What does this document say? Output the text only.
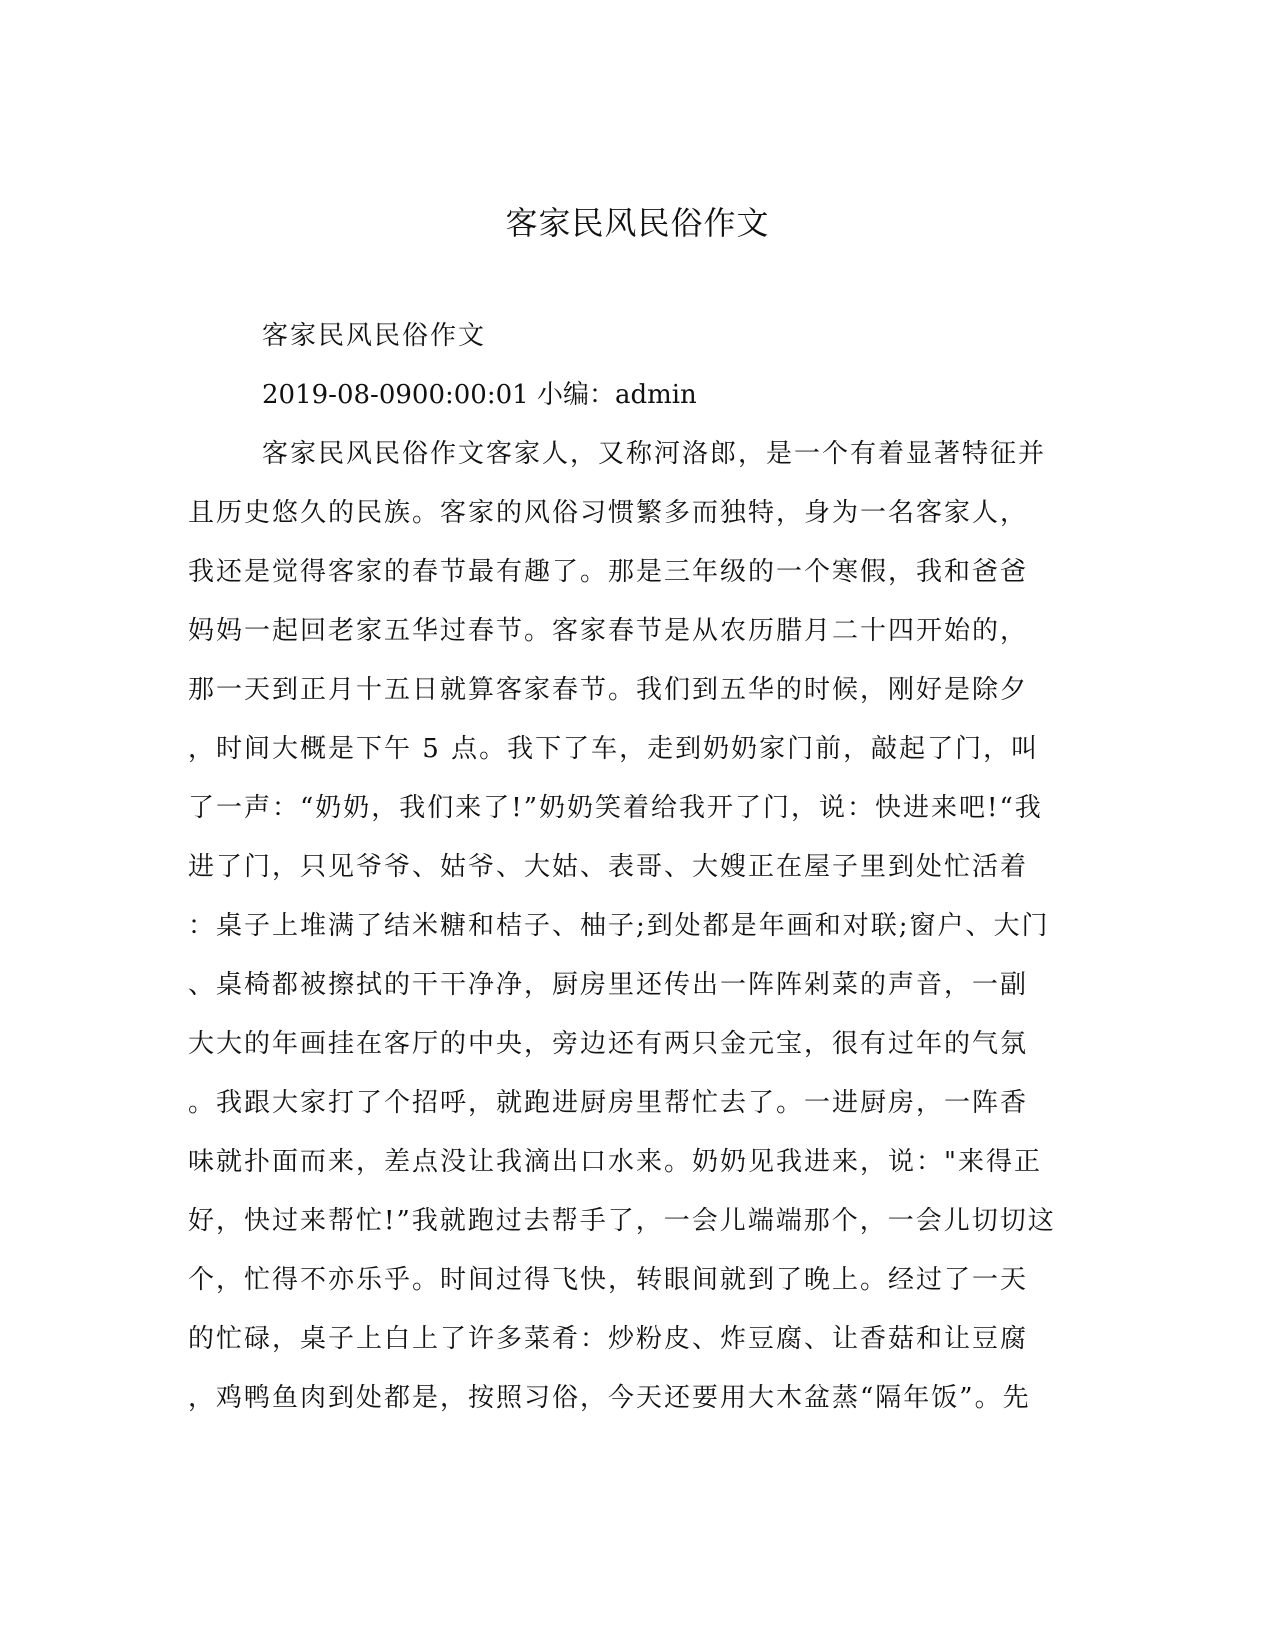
客家民风民俗作文
客家民风民俗作文
2019-08-0900:00:01 小编：admin
客家民风民俗作文客家人，又称河洛郎，是一个有着显著特征并
且历史悠久的民族。客家的风俗习惯繁多而独特，身为一名客家人，
我还是觉得客家的春节最有趣了。那是三年级的一个寒假，我和爸爸
妈妈一起回老家五华过春节。客家春节是从农历腊月二十四开始的，
那一天到正月十五日就算客家春节。我们到五华的时候，刚好是除夕
，时间大概是下午 5 点。我下了车，走到奶奶家门前，敲起了门，叫
了一声：“奶奶，我们来了!”奶奶笑着给我开了门，说：快进来吧!“我
进了门，只见爷爷、姑爷、大姑、表哥、大嫂正在屋子里到处忙活着
：桌子上堆满了结米糖和桔子、柚子;到处都是年画和对联;窗户、大门
、桌椅都被擦拭的干干净净，厨房里还传出一阵阵剁菜的声音，一副
大大的年画挂在客厅的中央，旁边还有两只金元宝，很有过年的气氛
。我跟大家打了个招呼，就跑进厨房里帮忙去了。一进厨房，一阵香
味就扑面而来，差点没让我滴出口水来。奶奶见我进来，说："来得正
好，快过来帮忙!”我就跑过去帮手了，一会儿端端那个，一会儿切切这
个，忙得不亦乐乎。时间过得飞快，转眼间就到了晚上。经过了一天
的忙碌，桌子上白上了许多菜肴：炒粉皮、炸豆腐、让香菇和让豆腐
，鸡鸭鱼肉到处都是，按照习俗，今天还要用大木盆蒸“隔年饭”。先
